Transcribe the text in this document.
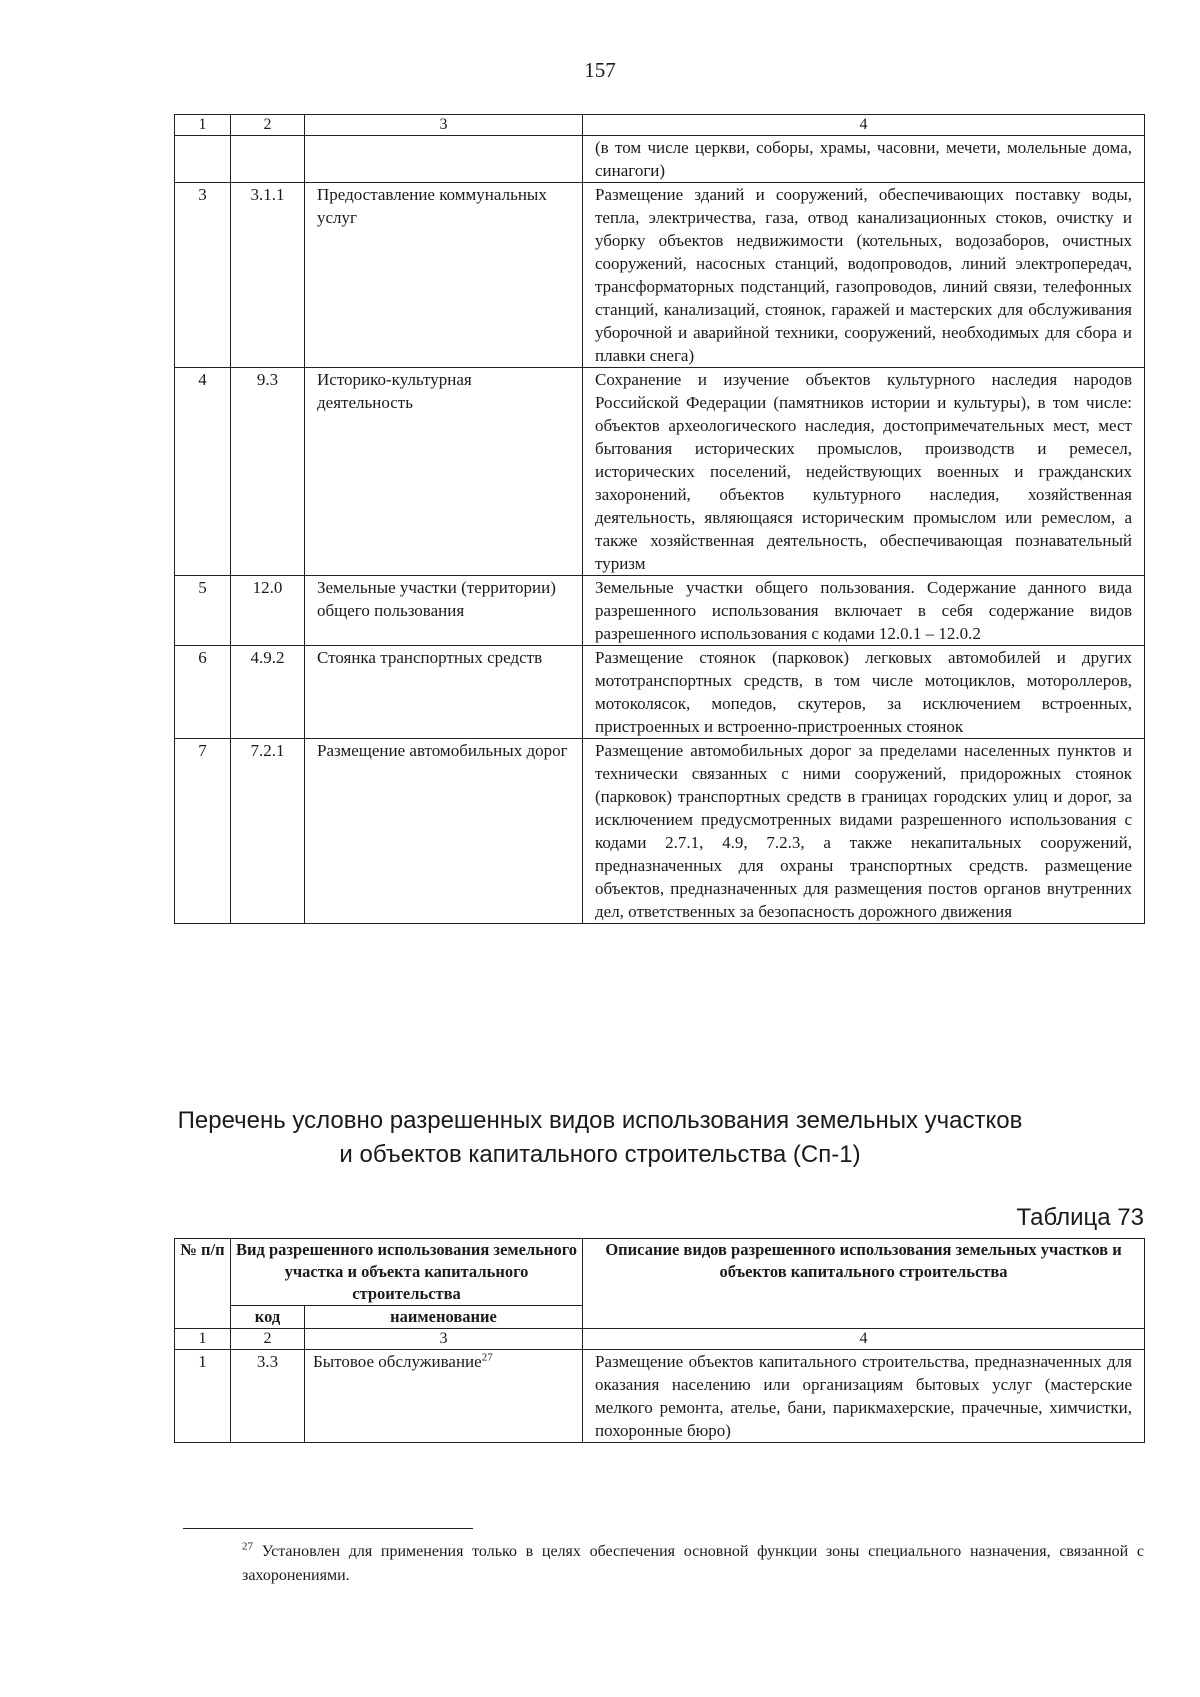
157
1	2	3	4
			(в том числе церкви, соборы, храмы, часовни, мечети, молельные дома, синагоги)
3	3.1.1	Предоставление коммунальных услуг	Размещение зданий и сооружений, обеспечивающих поставку воды, тепла, электричества, газа, отвод канализационных стоков, очистку и уборку объектов недвижимости (котельных, водозаборов, очистных сооружений, насосных станций, водопроводов, линий электропередач, трансформаторных подстанций, газопроводов, линий связи, телефонных станций, канализаций, стоянок, гаражей и мастерских для обслуживания уборочной и аварийной техники, сооружений, необходимых для сбора и плавки снега)
4	9.3	Историко-культурная деятельность	Сохранение и изучение объектов культурного наследия народов Российской Федерации (памятников истории и культуры), в том числе: объектов археологического наследия, достопримечательных мест, мест бытования исторических промыслов, производств и ремесел, исторических поселений, недействующих военных и гражданских захоронений, объектов культурного наследия, хозяйственная деятельность, являющаяся историческим промыслом или ремеслом, а также хозяйственная деятельность, обеспечивающая познавательный туризм
5	12.0	Земельные участки (территории) общего пользования	Земельные участки общего пользования. Содержание данного вида разрешенного использования включает в себя содержание видов разрешенного использования с кодами 12.0.1 – 12.0.2
6	4.9.2	Стоянка транспортных средств	Размещение стоянок (парковок) легковых автомобилей и других мототранспортных средств, в том числе мотоциклов, мотороллеров, мотоколясок, мопедов, скутеров, за исключением встроенных, пристроенных и встроенно-пристроенных стоянок
7	7.2.1	Размещение автомобильных дорог	Размещение автомобильных дорог за пределами населенных пунктов и технически связанных с ними сооружений, придорожных стоянок (парковок) транспортных средств в границах городских улиц и дорог, за исключением предусмотренных видами разрешенного использования с кодами 2.7.1, 4.9, 7.2.3, а также некапитальных сооружений, предназначенных для охраны транспортных средств. размещение объектов, предназначенных для размещения постов органов внутренних дел, ответственных за безопасность дорожного движения
Перечень условно разрешенных видов использования земельных участков
и объектов капитального строительства (Сп-1)
Таблица 73
№ п/п	Вид разрешенного использования земельного участка и объекта капитального строительства		Описание видов разрешенного использования земельных участков и объектов капитального строительства
	код	наименование	
1	2	3	4
1	3.3	Бытовое обслуживание$^{27}$	Размещение объектов капитального строительства, предназначенных для оказания населению или организациям бытовых услуг (мастерские мелкого ремонта, ателье, бани, парикмахерские, прачечные, химчистки, похоронные бюро)
$^{27}$ Установлен для применения только в целях обеспечения основной функции зоны специального назначения, связанной с захоронениями.
